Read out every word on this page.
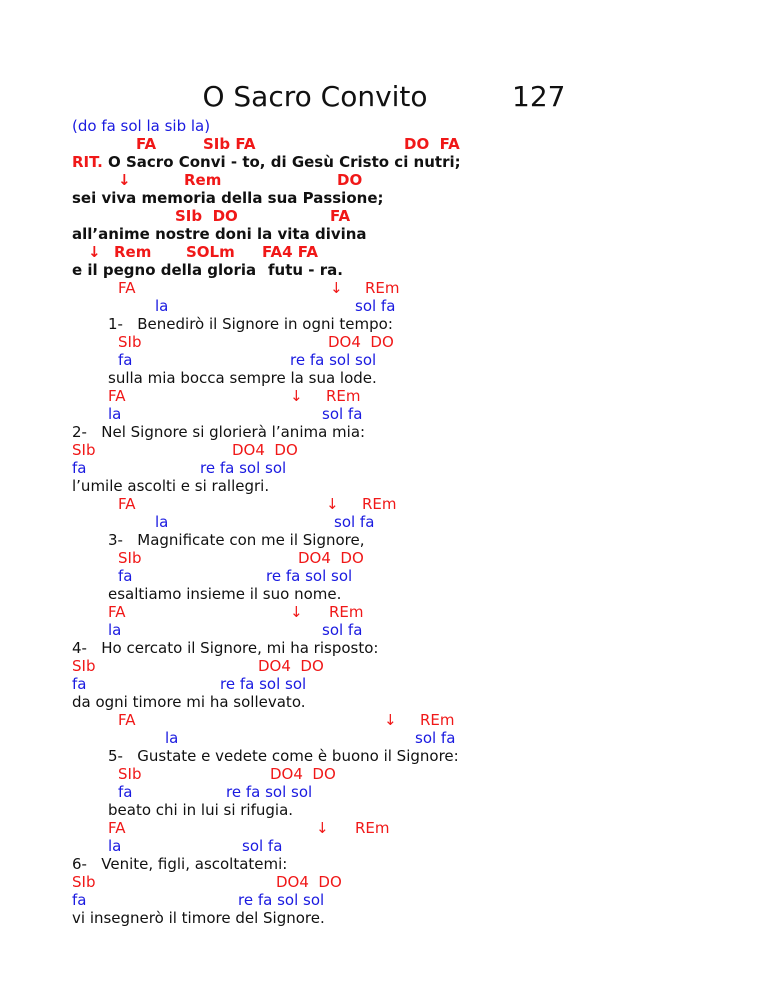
O Sacro Convito	127
(do fa sol la sib la)
FA	SIb FA	DO  FA
RIT. O Sacro Convi - to, di Gesù Cristo ci nutri;
↓	Rem	DO
sei viva memoria della sua Passione;
SIb  DO	FA
all’anime nostre doni la vita divina
↓ Rem SOLm FA4 FA
e il pegno della gloria futu - ra.
FA	↓ REm
la	sol fa
1-   Benedirò il Signore in ogni tempo:
SIb	DO4  DO
fa	re fa sol sol
sulla mia bocca sempre la sua lode.
FA	↓ REm
la	sol fa
2-   Nel Signore si glorierà l’anima mia:
SIb	DO4  DO
fa	re fa sol sol
l’umile ascolti e si rallegri.
FA	↓ REm
la	sol fa
3-   Magnificate con me il Signore,
SIb	DO4  DO
fa	re fa sol sol
esaltiamo insieme il suo nome.
FA	↓ REm
la	sol fa
4-   Ho cercato il Signore, mi ha risposto:
SIb	DO4  DO
fa	re fa sol sol
da ogni timore mi ha sollevato.
FA	↓ REm
la	sol fa
5-   Gustate e vedete come è buono il Signore:
SIb	DO4  DO
fa	re fa sol sol
beato chi in lui si rifugia.
FA	↓ REm
la	sol fa
6-   Venite, figli, ascoltatemi:
SIb	DO4  DO
fa	re fa sol sol
vi insegnerò il timore del Signore.
